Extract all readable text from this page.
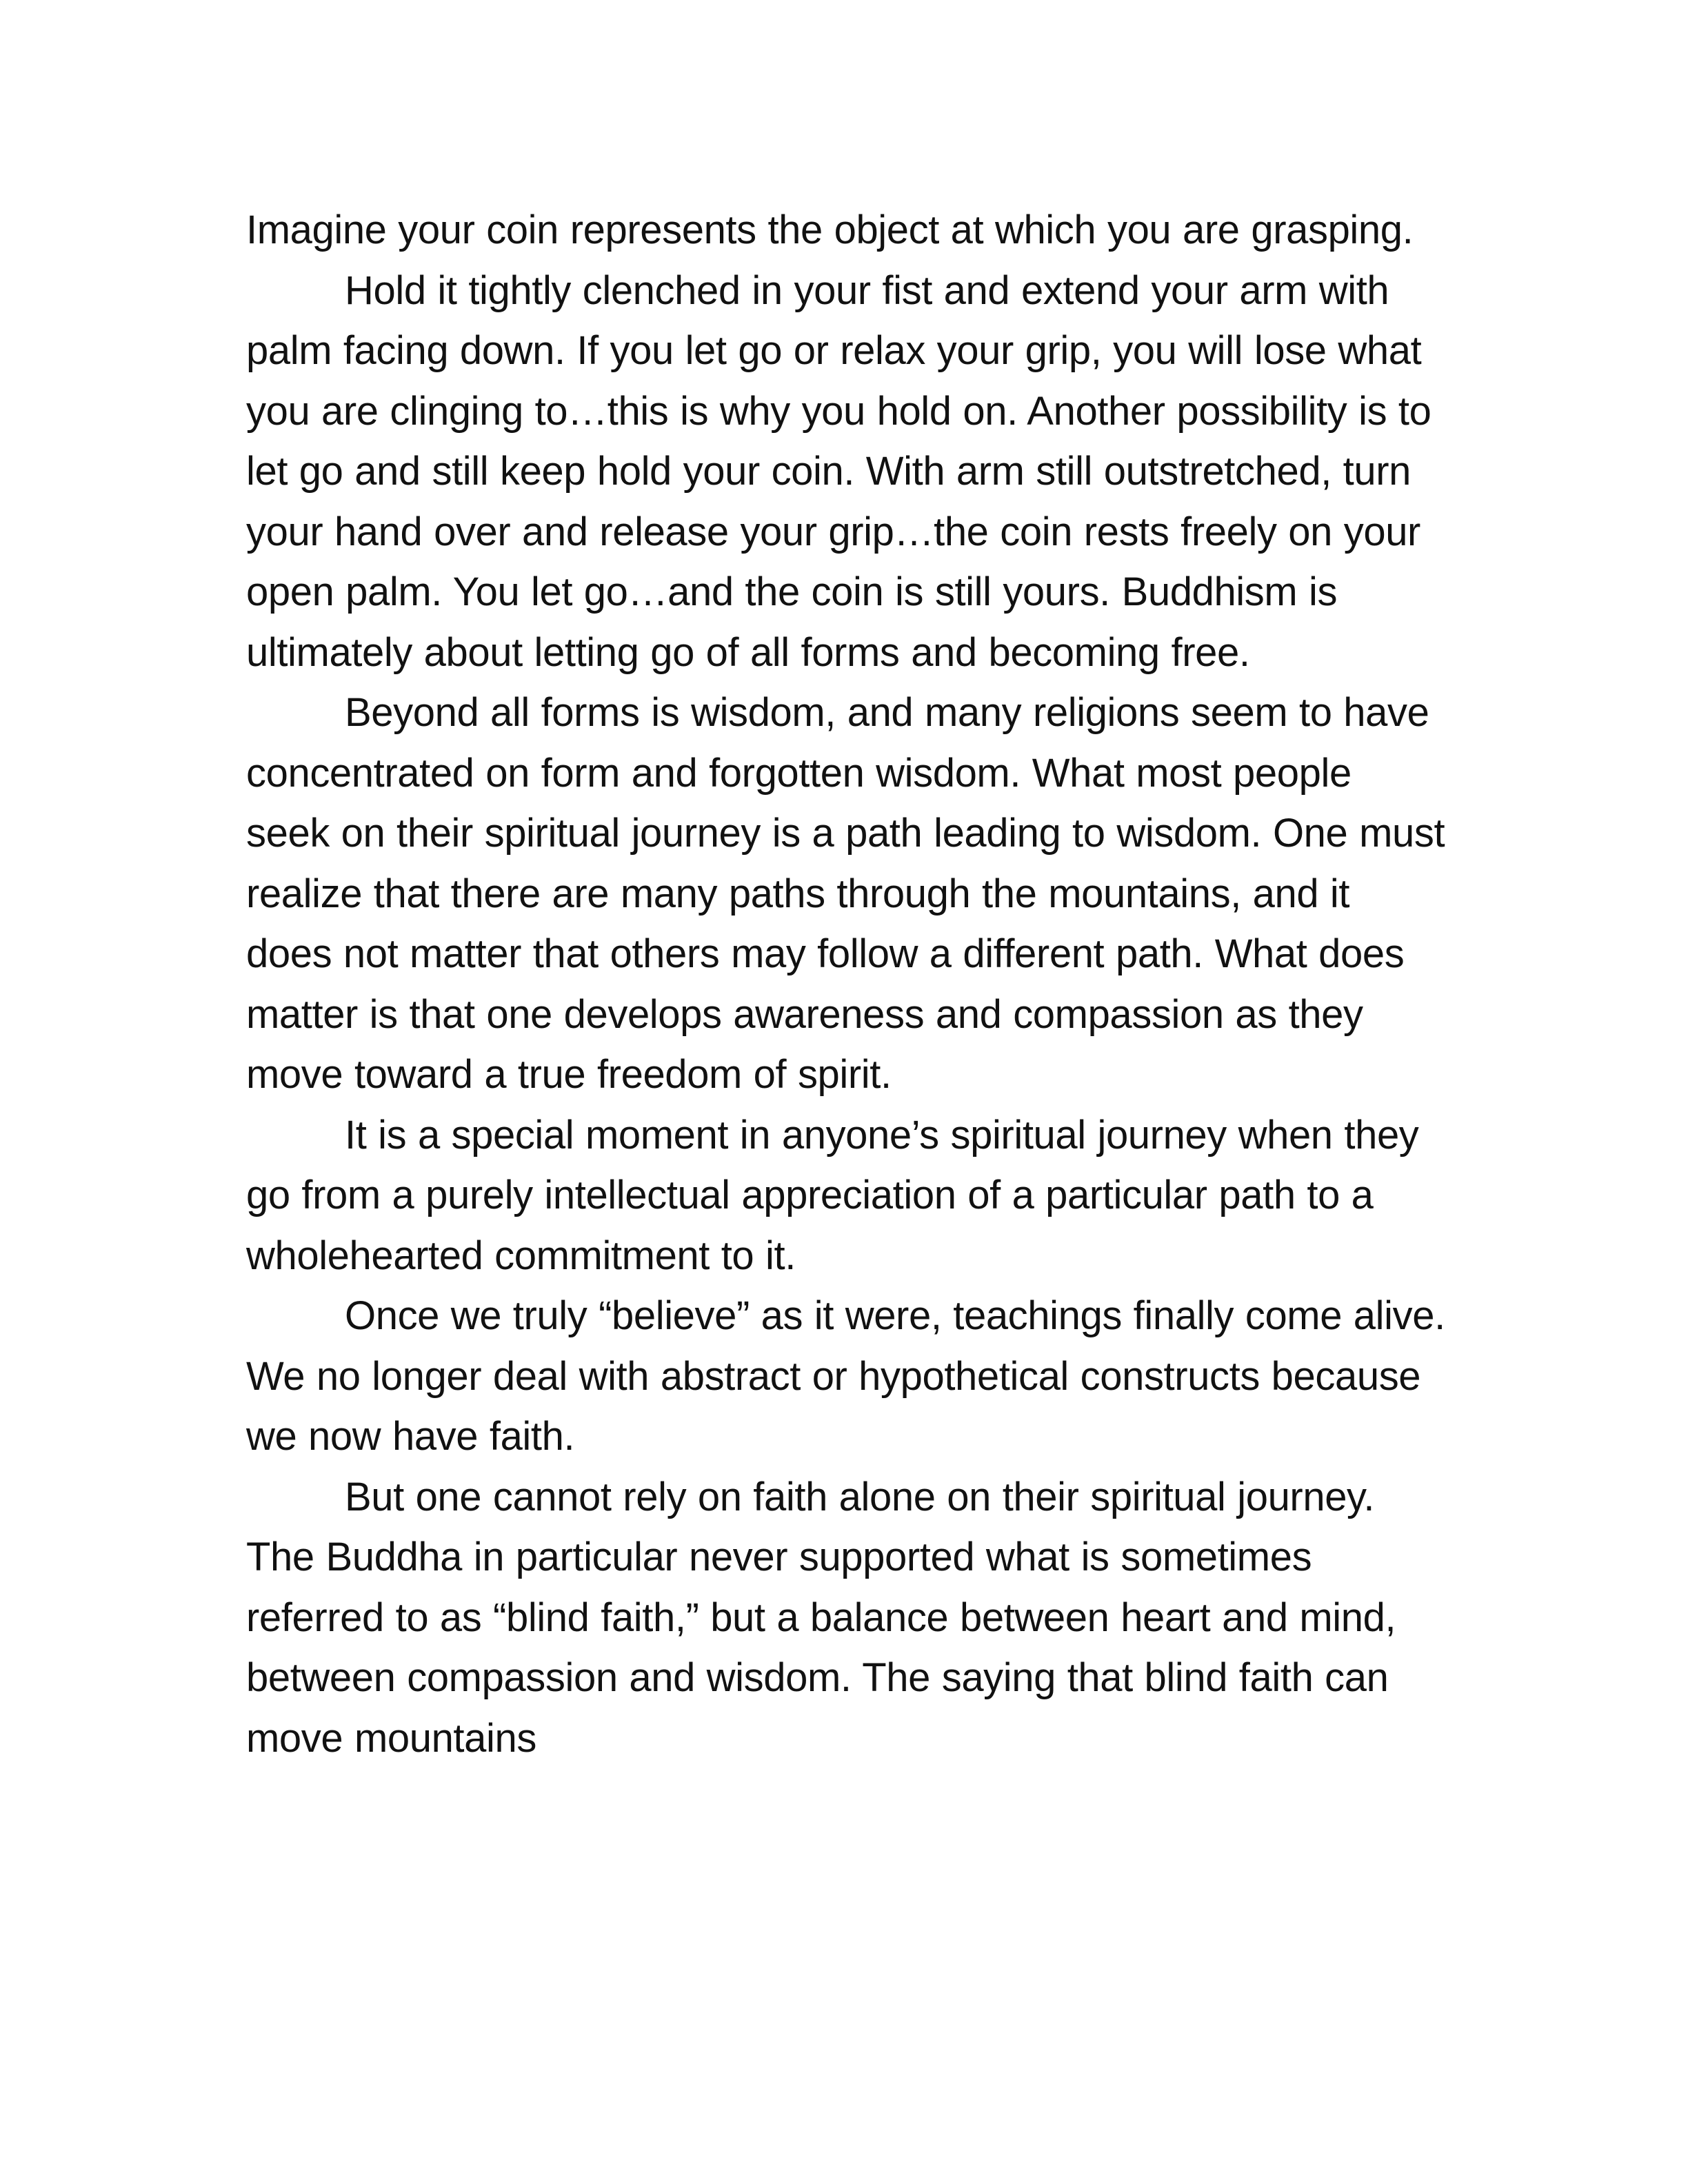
Imagine your coin represents the object at which you are grasping.

Hold it tightly clenched in your fist and extend your arm with palm facing down. If you let go or relax your grip, you will lose what you are clinging to…this is why you hold on. Another possibility is to let go and still keep hold your coin. With arm still outstretched, turn your hand over and release your grip…the coin rests freely on your open palm. You let go…and the coin is still yours. Buddhism is ultimately about letting go of all forms and becoming free.

Beyond all forms is wisdom, and many religions seem to have concentrated on form and forgotten wisdom. What most people seek on their spiritual journey is a path leading to wisdom. One must realize that there are many paths through the mountains, and it does not matter that others may follow a different path. What does matter is that one develops awareness and compassion as they move toward a true freedom of spirit.

It is a special moment in anyone’s spiritual journey when they go from a purely intellectual appreciation of a particular path to a wholehearted commitment to it.

Once we truly “believe” as it were, teachings finally come alive. We no longer deal with abstract or hypothetical constructs because we now have faith.

But one cannot rely on faith alone on their spiritual journey. The Buddha in particular never supported what is sometimes referred to as “blind faith,” but a balance between heart and mind, between compassion and wisdom. The saying that blind faith can move mountains
